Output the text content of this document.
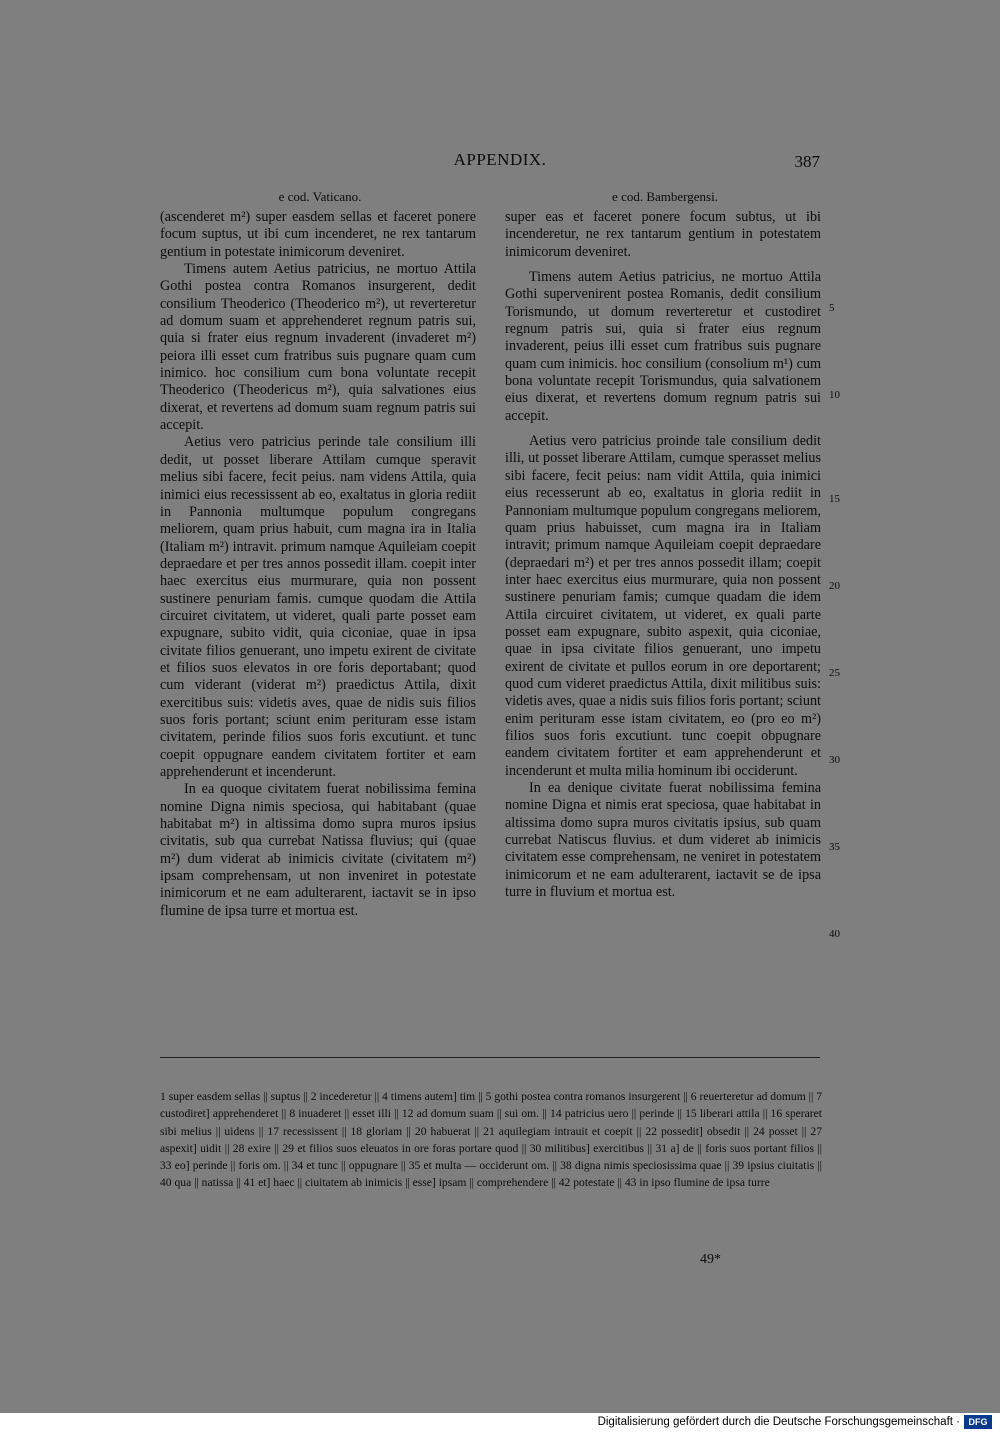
APPENDIX.	387
e cod. Vaticano.	e cod. Bambergensi.

(ascenderet m²) super easdem sellas et faceret ponere focum suptus, ut ibi cum incenderet, ne rex tantarum gentium in potestate inimicorum deveniret.

Timens autem Aetius patricius, ne mortuo Attila Gothi postea contra Romanos insurgerent, dedit consilium Theoderico (Theoderico m²), ut reverteretur ad domum suam et apprehenderet regnum patris sui, quia si frater eius regnum invaderent (invaderet m²) peiora illi esset cum fratribus suis pugnare quam cum inimico. hoc consilium cum bona voluntate recepit Theoderico (Theodericus m²), quia salvationes eius dixerat, et revertens ad domum suam regnum patris sui accepit.

Aetius vero patricius perinde tale consilium illi dedit, ut posset liberare Attilam cumque speravit melius sibi facere, fecit peius. nam videns Attila, quia inimici eius recessissent ab eo, exaltatus in gloria rediit in Pannonia multumque populum congregans meliorem, quam prius habuit, cum magna ira in Italia (Italiam m²) intravit. primum namque Aquileiam coepit depraedare et per tres annos possedit illam. coepit inter haec exercitus eius murmurare, quia non possent sustinere penuriam famis. cumque quodam die Attila circuiret civitatem, ut videret, quali parte posset eam expugnare, subito vidit, quia ciconiae, quae in ipsa civitate filios genuerant, uno impetu exirent de civitate et filios suos elevatos in ore foris deportabant; quod cum viderant (viderat m²) praedictus Attila, dixit exercitibus suis: videtis aves, quae de nidis suis filios suos foris portant; sciunt enim perituram esse istam civitatem, perinde filios suos foris excutiunt. et tunc coepit oppugnare eandem civitatem fortiter et eam apprehenderunt et incenderunt.

In ea quoque civitatem fuerat nobilissima femina nomine Digna nimis speciosa, qui habitabant (quae habitabat m²) in altissima domo supra muros ipsius civitatis, sub qua currebat Natissa fluvius; qui (quae m²) dum viderat ab inimicis civitate (civitatem m²) ipsam comprehensam, ut non inveniret in potestate inimicorum et ne eam adulterarent, iactavit se in ipso flumine de ipsa turre et mortua est.

super eas et faceret ponere focum subtus, ut ibi incenderetur, ne rex tantarum gentium in potestatem inimicorum deveniret.

Timens autem Aetius patricius, ne mortuo Attila Gothi supervenirent postea Romanis, dedit consilium Torismundo, ut domum reverteretur et custodiret regnum patris sui, quia si frater eius regnum invaderent, peius illi esset cum fratribus suis pugnare quam cum inimicis. hoc consilium (consolium m¹) cum bona voluntate recepit Torismundus, quia salvationem eius dixerat, et revertens domum regnum patris sui accepit.

Aetius vero patricius proinde tale consilium dedit illi, ut posset liberare Attilam, cumque sperasset melius sibi facere, fecit peius: nam vidit Attila, quia inimici eius recesserunt ab eo, exaltatus in gloria rediit in Pannoniam multumque populum congregans meliorem, quam prius habuisset, cum magna ira in Italiam intravit; primum namque Aquileiam coepit depraedare (depraedari m²) et per tres annos possedit illam; coepit inter haec exercitus eius murmurare, quia non possent sustinere penuriam famis; cumque quadam die idem Attila circuiret civitatem, ut videret, ex quali parte posset eam expugnare, subito aspexit, quia ciconiae, quae in ipsa civitate filios genuerant, uno impetu exirent de civitate et pullos eorum in ore deportarent; quod cum videret praedictus Attila, dixit militibus suis: videtis aves, quae a nidis suis filios foris portant; sciunt enim perituram esse istam civitatem, eo (pro eo m²) filios suos foris excutiunt. tunc coepit obpugnare eandem civitatem fortiter et eam apprehenderunt et incenderunt et multa milia hominum ibi occiderunt.

In ea denique civitate fuerat nobilissima femina nomine Digna et nimis erat speciosa, quae habitabat in altissima domo supra muros civitatis ipsius, sub quam currebat Natiscus fluvius. et dum videret ab inimicis civitatem esse comprehensam, ne veniret in potestatem inimicorum et ne eam adulterarent, iactavit se de ipsa turre in fluvium et mortua est.

5
10
15
20
25
30
35
40
1 super easdem sellas || suptus || 2 incederetur || 4 timens autem] tim || 5 gothi postea contra romanos insurgerent || 6 reuerteretur ad domum || 7 custodiret] apprehenderet || 8 inuaderet || esset illi || 12 ad domum suam || sui om. || 14 patricius uero || perinde || 15 liberari attila || 16 speraret sibi melius || uidens || 17 recessissent || 18 gloriam || 20 habuerat || 21 aquilegiam intrauit et coepit || 22 possedit] obsedit || 24 posset || 27 aspexit] uidit || 28 exire || 29 et filios suos eleuatos in ore foras portare quod || 30 militibus] exercitibus || 31 a] de || foris suos portant filios || 33 eo] perinde || foris om. || 34 et tunc || oppugnare || 35 et multa — occiderunt om. || 38 digna nimis speciosissima quae || 39 ipsius ciuitatis || 40 qua || natissa || 41 et] haec || ciuitatem ab inimicis || esse] ipsam || comprehendere || 42 potestate || 43 in ipso flumine de ipsa turre
49*
Digitalisierung gefördert durch die Deutsche Forschungsgemeinschaft · DFG
